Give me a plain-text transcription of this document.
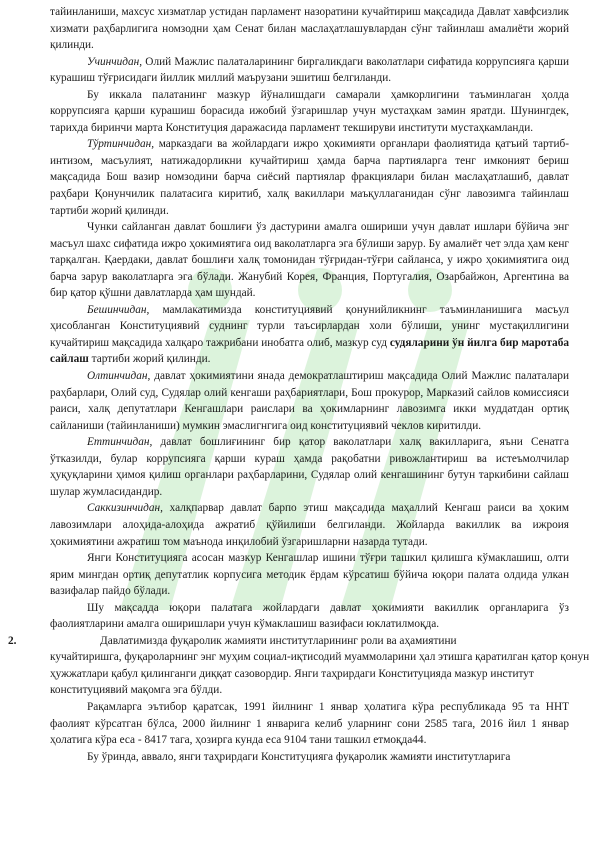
тайинланиши, махсус хизматлар устидан парламент назоратини кучайтириш мақсадида Давлат хавфсизлик хизмати раҳбарлигига номзодни ҳам Сенат билан маслаҳатлашувлардан сўнг тайинлаш амалиёти жорий қилинди.

Учинчидан, Олий Мажлис палаталарининг биргаликдаги ваколатлари сифатида коррупсияга қарши курашиш тўғрисидаги йиллик миллий маърузани эшитиш белгиланди.

Бу иккала палатанинг мазкур йўналишдаги самарали ҳамкорлигини таъминлаган ҳолда коррупсияга қарши курашиш борасида ижобий ўзгаришлар учун мустаҳкам замин яратди. Шунингдек, тарихда биринчи марта Конституция даражасида парламент текшируви институти мустаҳкамланди.

Тўртинчидан, марказдаги ва жойлардаги ижро ҳокимияти органлари фаолиятида қатъий тартиб-интизом, масъулият, натижадорликни кучайтириш ҳамда барча партияларга тенг имконият бериш мақсадида Бош вазир номзодини барча сиёсий партиялар фракциялари билан маслаҳатлашиб, давлат раҳбари Қонунчилик палатасига киритиб, халқ вакиллари маъқуллаганидан сўнг лавозимга тайинлаш тартиби жорий қилинди.

Чунки сайланган давлат бошлиғи ўз дастурини амалга ошириши учун давлат ишлари бўйича энг масъул шахс сифатида ижро ҳокимиятига оид ваколатларга эга бўлиши зарур. Бу амалиёт чет элда ҳам кенг тарқалган. Қаердаки, давлат бошлиғи халқ томонидан тўғридан-тўғри сайланса, у ижро ҳокимиятига оид барча зарур ваколатларга эга бўлади. Жанубий Корея, Франция, Португалия, Озарбайжон, Аргентина ва бир қатор қўшни давлатларда ҳам шундай.

Бешинчидан, мамлакатимизда конституциявий қонунийликнинг таъминланишига масъул ҳисобланган Конституциявий суднинг турли таъсирлардан холи бўлиши, унинг мустақиллигини кучайтириш мақсадида халқаро тажрибани инобатга олиб, мазкур суд судяларини ўн йилга бир маротаба сайлаш тартиби жорий қилинди.

Олтинчидан, давлат ҳокимиятини янада демократлаштириш мақсадида Олий Мажлис палаталари раҳбарлари, Олий суд, Судялар олий кенгаши раҳбариятлари, Бош прокурор, Марказий сайлов комиссияси раиси, халқ депутатлари Кенгашлари раислари ва ҳокимларнинг лавозимга икки муддатдан ортиқ сайланиши (тайинланиши) мумкин эмаслигнгига оид конституциявий чеклов киритилди.

Еттинчидан, давлат бошлиғининг бир қатор ваколатлари халқ вакилларига, яъни Сенатга ўтказилди, булар коррупсияга қарши кураш ҳамда рақобатни ривожлантириш ва истеъмолчилар ҳуқуқларини ҳимоя қилиш органлари раҳбарларини, Судялар олий кенгашининг бутун таркибини сайлаш шулар жумласидандир.

Саккизинчидан, халқпарвар давлат барпо этиш мақсадида маҳаллий Кенгаш раиси ва ҳоким лавозимлари алоҳида-алоҳида ажратиб қўйилиши белгиланди. Жойларда вакиллик ва ижроия ҳокимиятини ажратиш том маънода инқилобий ўзгаришларни назарда тутади.

Янги Конституцияга асосан мазкур Кенгашлар ишини тўғри ташкил қилишга кўмаклашиш, олти ярим мингдан ортиқ депутатлик корпусига методик ёрдам кўрсатиш бўйича юқори палата олдида улкан вазифалар пайдо бўлади.

Шу мақсадда юқори палатага жойлардаги давлат ҳокимияти вакиллик органларига ўз фаолиятларини амалга оширишлари учун кўмаклашиш вазифаси юклатилмоқда.

2.	Давлатимизда фуқаролик жамияти институтларининг роли ва аҳамиятини

кучайтиришга, фуқароларнинг энг муҳим социал-иқтисодий муаммоларини ҳал этишга қаратилган қатор қонун ҳужжатлари қабул қилинганги диққат сазовордир. Янги таҳрирдаги Конституцияда мазкур институт конституциявий мақомга эга бўлди.

Рақамларга эътибор қаратсак, 1991 йилнинг 1 январ ҳолатига кўра республикада 95 та ННТ фаолият кўрсатган бўлса, 2000 йилнинг 1 январига келиб уларнинг сони 2585 тага, 2016 йил 1 январ ҳолатига кўра еса - 8417 тага, ҳозирга кунда еса 9104 тани ташкил етмоқда44.

Бу ўринда, аввало, янги таҳрирдаги Конституцияга фуқаролик жамияти институтларига
